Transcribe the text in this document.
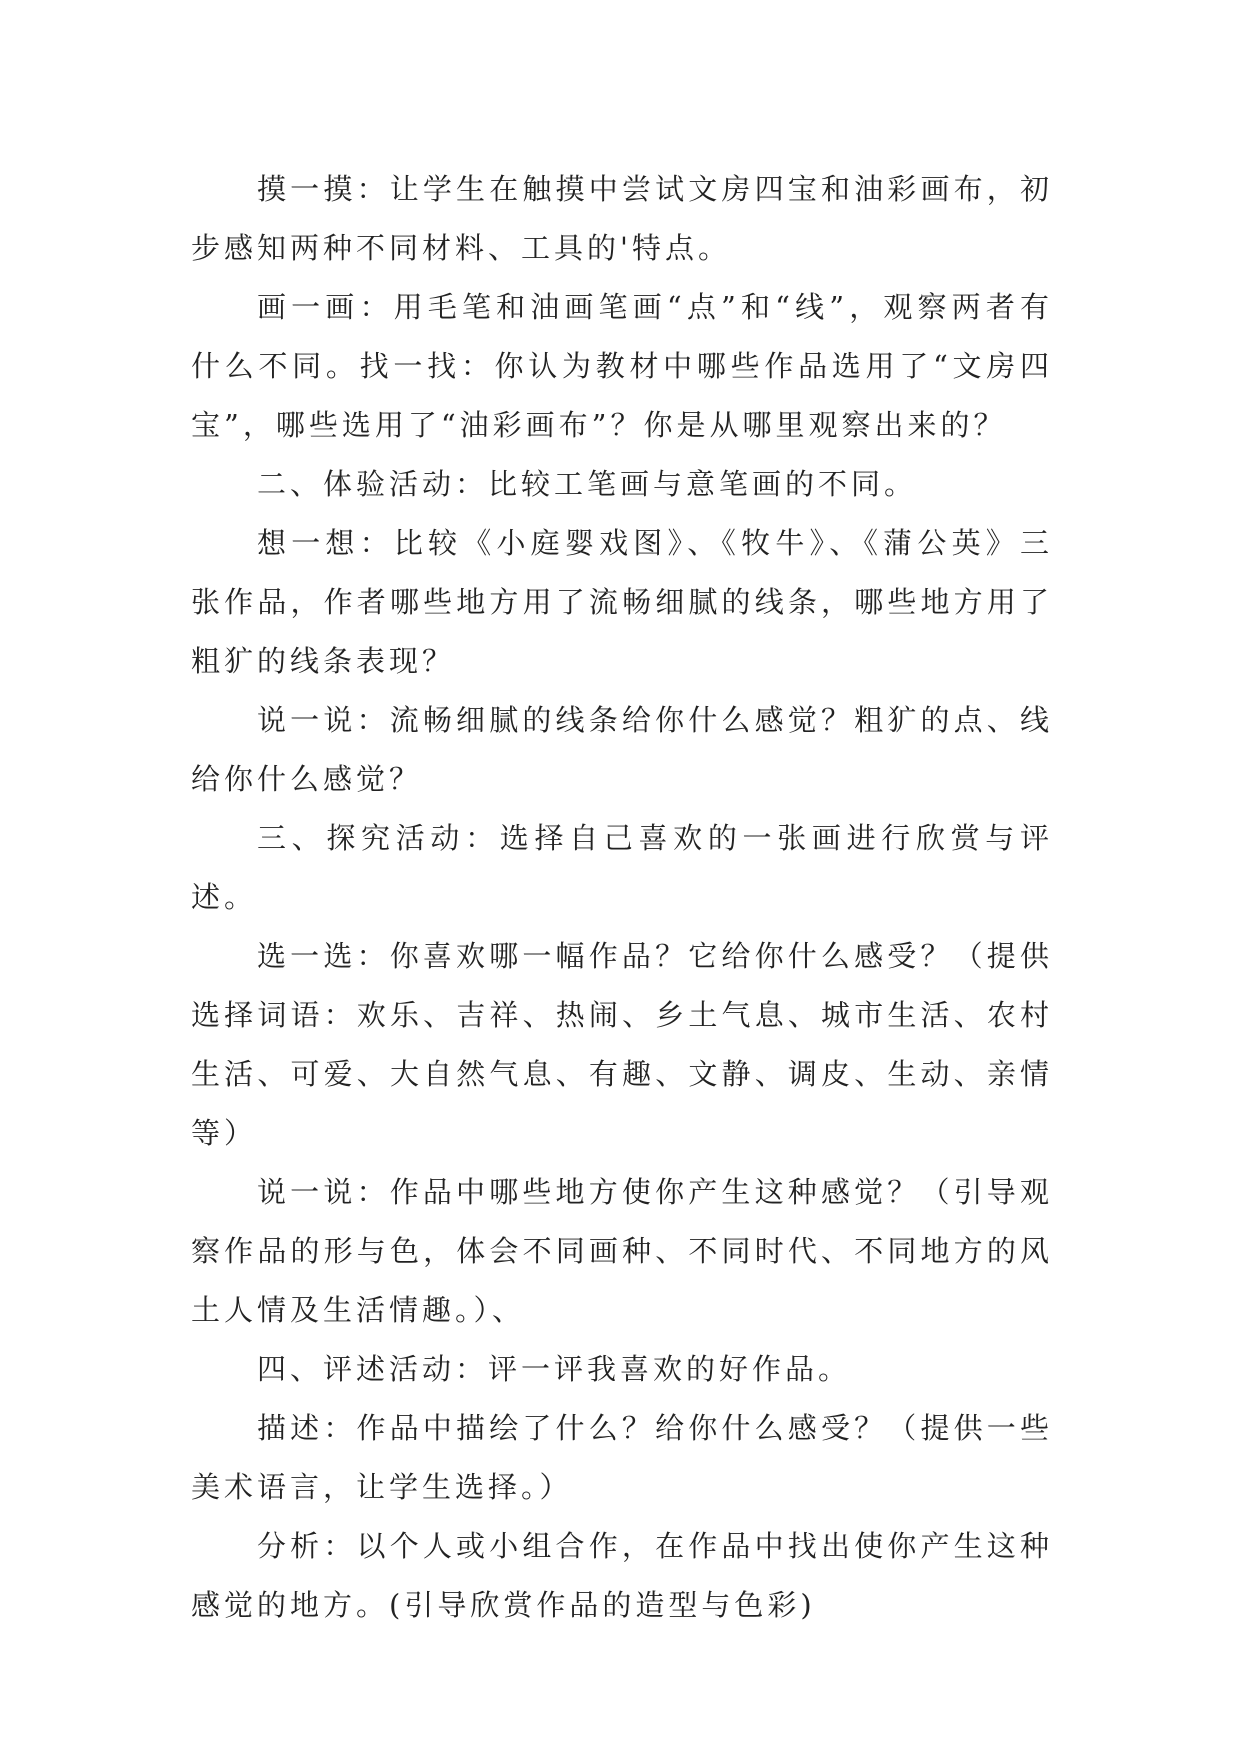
摸一摸：让学生在触摸中尝试文房四宝和油彩画布，初步感知两种不同材料、工具的'特点。

画一画：用毛笔和油画笔画“点”和“线”，观察两者有什么不同。找一找：你认为教材中哪些作品选用了“文房四宝”，哪些选用了“油彩画布”？你是从哪里观察出来的？

二、体验活动：比较工笔画与意笔画的不同。

想一想：比较《小庭婴戏图》、《牧牛》、《蒲公英》三张作品，作者哪些地方用了流畅细腻的线条，哪些地方用了粗犷的线条表现？

说一说：流畅细腻的线条给你什么感觉？粗犷的点、线给你什么感觉？

三、探究活动：选择自己喜欢的一张画进行欣赏与评述。

选一选：你喜欢哪一幅作品？它给你什么感受？（提供选择词语：欢乐、吉祥、热闹、乡土气息、城市生活、农村生活、可爱、大自然气息、有趣、文静、调皮、生动、亲情等）

说一说：作品中哪些地方使你产生这种感觉？（引导观察作品的形与色，体会不同画种、不同时代、不同地方的风土人情及生活情趣。）、

四、评述活动：评一评我喜欢的好作品。

描述：作品中描绘了什么？给你什么感受？（提供一些美术语言，让学生选择。）

分析：以个人或小组合作，在作品中找出使你产生这种感觉的地方。(引导欣赏作品的造型与色彩)
